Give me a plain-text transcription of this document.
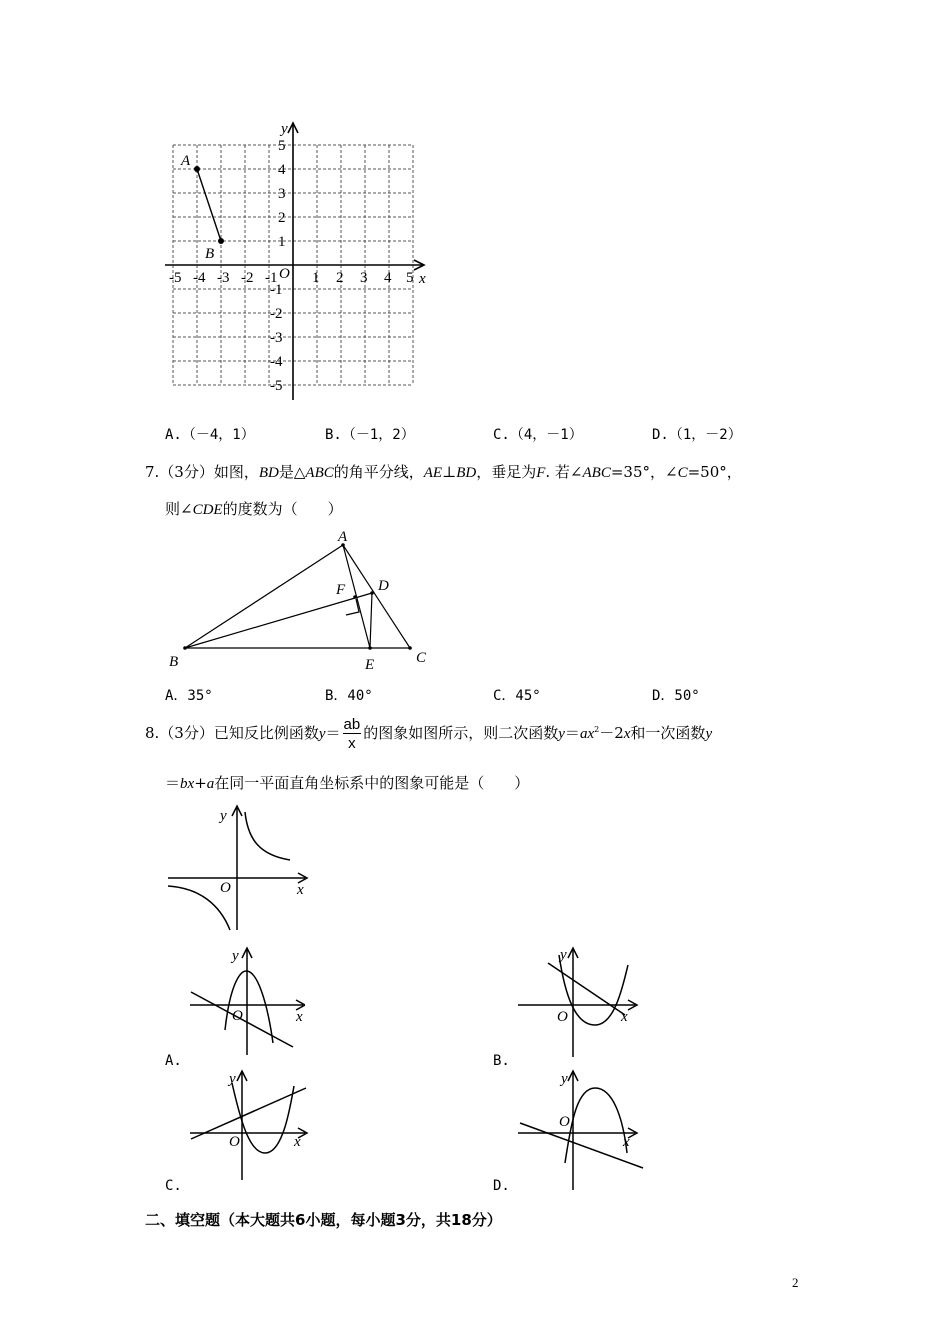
-5 -4 -3 -2 -1 1 2 3 4 5
5
4
3
2
1
-1
-2
-3
-4
-5
O	x
y
A
B
A.（－4，1）	B.（－1，2）	C.（4，－1）	D.（1，－2）
7.（3分）如图，BD是△ABC的角平分线，AE⊥BD，垂足为F. 若∠ABC=35°，∠C=50°，
则∠CDE的度数为（　　）
A
B	C
D
E
F
A．35°	B．40°	C．45°	D．50°
8.（3分）已知反比例函数$y= \frac{ab}{x}$ 的图象如图所示，则二次函数$y=ax^2-2x$和一次函数y
＝bx+a在同一平面直角坐标系中的图象可能是（　　）
y
x
O
y
x
O
A.
y
x
O
B.
y
x
O
C.
y
x
O
D.
二、填空题（本大题共6小题，每小题3分，共18分）
2
